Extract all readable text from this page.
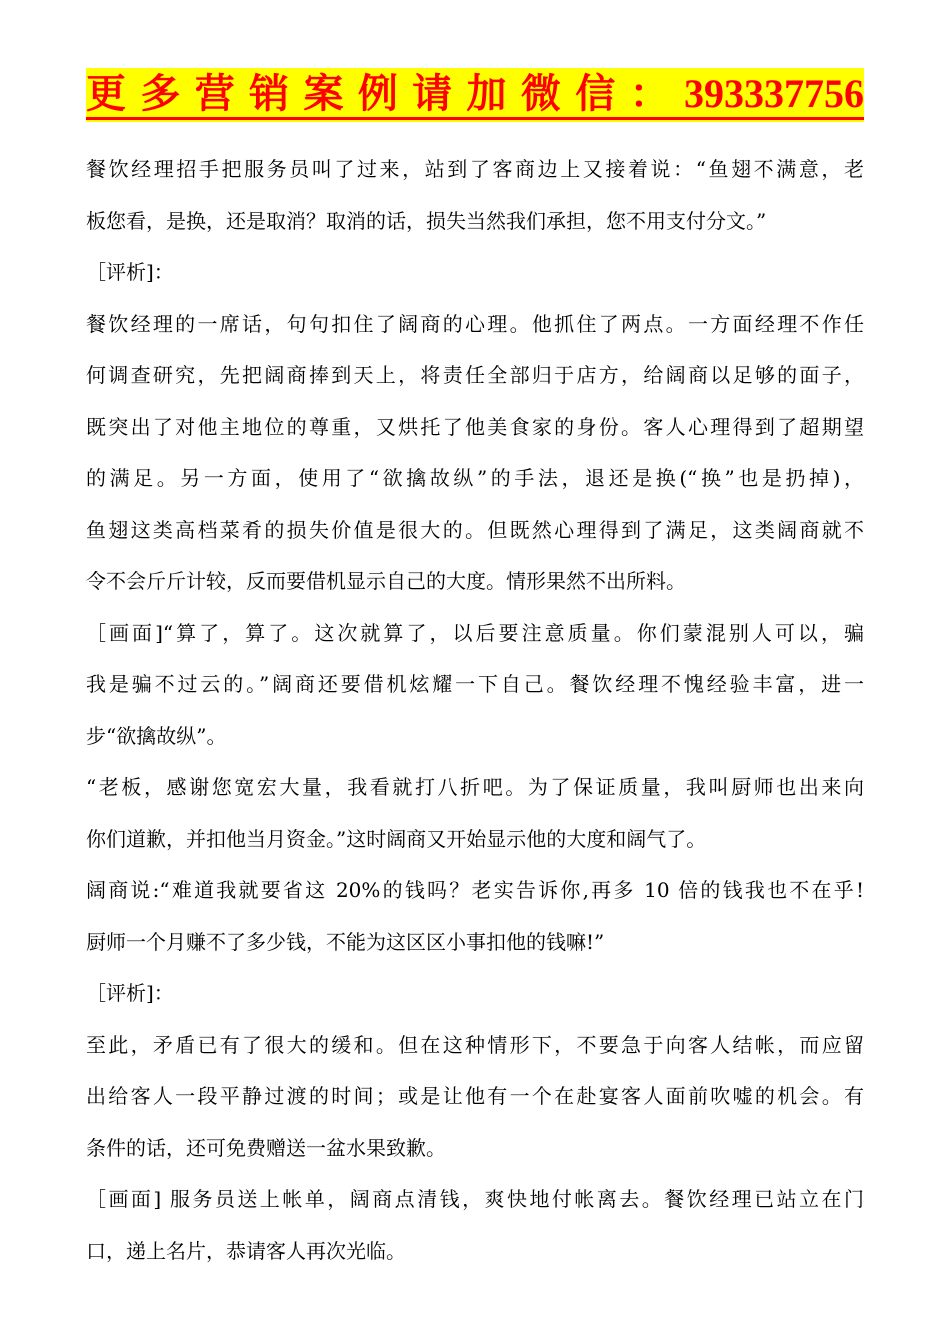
更多营销案例请加微信：393337756
餐饮经理招手把服务员叫了过来，站到了客商边上又接着说：“鱼翅不满意，老
板您看，是换，还是取消？取消的话，损失当然我们承担，您不用支付分文。”
［评析]：
餐饮经理的一席话，句句扣住了阔商的心理。他抓住了两点。一方面经理不作任
何调查研究，先把阔商捧到天上，将责任全部归于店方，给阔商以足够的面子，
既突出了对他主地位的尊重，又烘托了他美食家的身份。客人心理得到了超期望
的满足。另一方面，使用了“欲擒故纵”的手法，退还是换(“换”也是扔掉)，
鱼翅这类高档菜肴的损失价值是很大的。但既然心理得到了满足，这类阔商就不
令不会斤斤计较，反而要借机显示自己的大度。情形果然不出所料。
［画面]“算了，算了。这次就算了，以后要注意质量。你们蒙混别人可以，骗
我是骗不过云的。”阔商还要借机炫耀一下自己。餐饮经理不愧经验丰富，进一
步“欲擒故纵”。
“老板，感谢您宽宏大量，我看就打八折吧。为了保证质量，我叫厨师也出来向
你们道歉，并扣他当月资金。”这时阔商又开始显示他的大度和阔气了。
阔商说:“难道我就要省这 20%的钱吗？老实告诉你,再多 10 倍的钱我也不在乎!
厨师一个月赚不了多少钱，不能为这区区小事扣他的钱嘛!”
［评析]：
至此，矛盾已有了很大的缓和。但在这种情形下，不要急于向客人结帐，而应留
出给客人一段平静过渡的时间；或是让他有一个在赴宴客人面前吹嘘的机会。有
条件的话，还可免费赠送一盆水果致歉。
［画面] 服务员送上帐单，阔商点清钱，爽快地付帐离去。餐饮经理已站立在门
口，递上名片，恭请客人再次光临。
